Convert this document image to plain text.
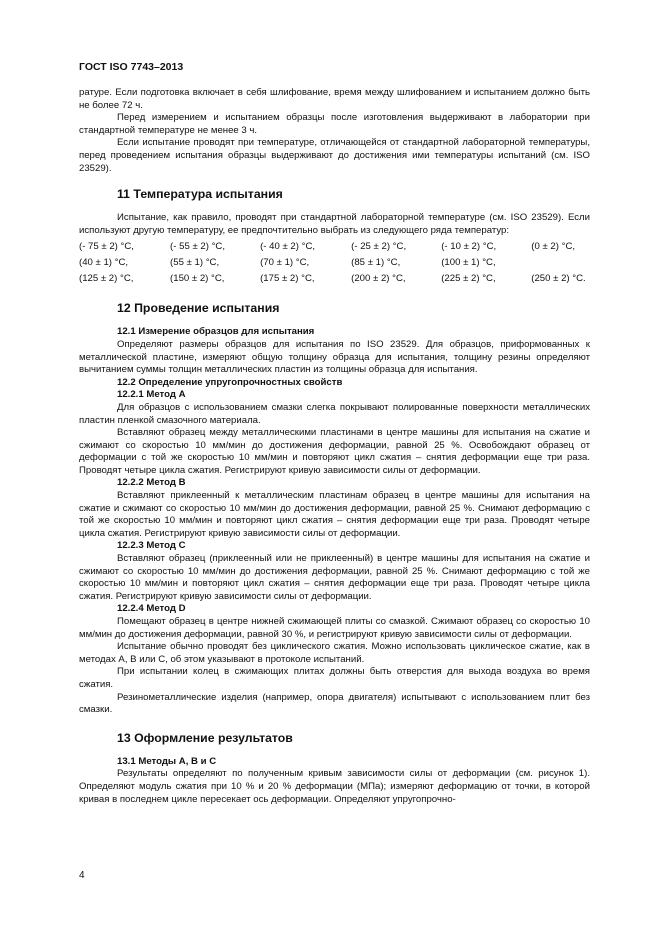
ГОСТ ISO 7743–2013

ратуре. Если подготовка включает в себя шлифование, время между шлифованием и испытанием должно быть не более 72 ч.

Перед измерением и испытанием образцы после изготовления выдерживают в лаборатории при стандартной температуре не менее 3 ч.

Если испытание проводят при температуре, отличающейся от стандартной лабораторной температуры, перед проведением испытания образцы выдерживают до достижения ими температуры испытаний (см. ISO 23529).

11 Температура испытания

Испытание, как правило, проводят при стандартной лабораторной температуре (см. ISO 23529). Если используют другую температуру, ее предпочтительно выбрать из следующего ряда температур:

(- 75 ± 2) °C,	(- 55 ± 2) °C,	(- 40 ± 2) °C,	(- 25 ± 2) °C,	(- 10 ± 2) °C,	(0 ± 2) °C,
(40 ± 1) °C,	(55 ± 1) °C,	(70 ± 1) °C,	(85 ± 1) °C,	(100 ± 1) °C,
(125 ± 2) °C,	(150 ± 2) °C,	(175 ± 2) °C,	(200 ± 2) °C,	(225 ± 2) °C,	(250 ± 2) °C.
12 Проведение испытания

12.1 Измерение образцов для испытания

Определяют размеры образцов для испытания по ISO 23529. Для образцов, приформованных к металлической пластине, измеряют общую толщину образца для испытания, толщину резины определяют вычитанием суммы толщин металлических пластин из толщины образца для испытания.

12.2 Определение упругопрочностных свойств

12.2.1 Метод А

Для образцов с использованием смазки слегка покрывают полированные поверхности металлических пластин пленкой смазочного материала.

Вставляют образец между металлическими пластинами в центре машины для испытания на сжатие и сжимают со скоростью 10 мм/мин до достижения деформации, равной 25 %. Освобождают образец от деформации с той же скоростью 10 мм/мин и повторяют цикл сжатия – снятия деформации еще три раза. Проводят четыре цикла сжатия. Регистрируют кривую зависимости силы от деформации.

12.2.2 Метод В

Вставляют приклеенный к металлическим пластинам образец в центре машины для испытания на сжатие и сжимают со скоростью 10 мм/мин до достижения деформации, равной 25 %. Снимают деформацию с той же скоростью 10 мм/мин и повторяют цикл сжатия – снятия деформации еще три раза. Проводят четыре цикла сжатия. Регистрируют кривую зависимости силы от деформации.

12.2.3 Метод С

Вставляют образец (приклеенный или не приклеенный) в центре машины для испытания на сжатие и сжимают со скоростью 10 мм/мин до достижения деформации, равной 25 %. Снимают деформацию с той же скоростью 10 мм/мин и повторяют цикл сжатия – снятия деформации еще три раза. Проводят четыре цикла сжатия. Регистрируют кривую зависимости силы от деформации.

12.2.4 Метод D

Помещают образец в центре нижней сжимающей плиты со смазкой. Сжимают образец со скоростью 10 мм/мин до достижения деформации, равной 30 %, и регистрируют кривую зависимости силы от деформации.

Испытание обычно проводят без циклического сжатия. Можно использовать циклическое сжатие, как в методах А, В или С, об этом указывают в протоколе испытаний.

При испытании колец в сжимающих плитах должны быть отверстия для выхода воздуха во время сжатия.

Резинометаллические изделия (например, опора двигателя) испытывают с использованием плит без смазки.

13 Оформление результатов

13.1 Методы А, В и С

Результаты определяют по полученным кривым зависимости силы от деформации (см. рисунок 1). Определяют модуль сжатия при 10 % и 20 % деформации (МПа); измеряют деформацию от точки, в которой кривая в последнем цикле пересекает ось деформации. Определяют упругопрочно-

4
